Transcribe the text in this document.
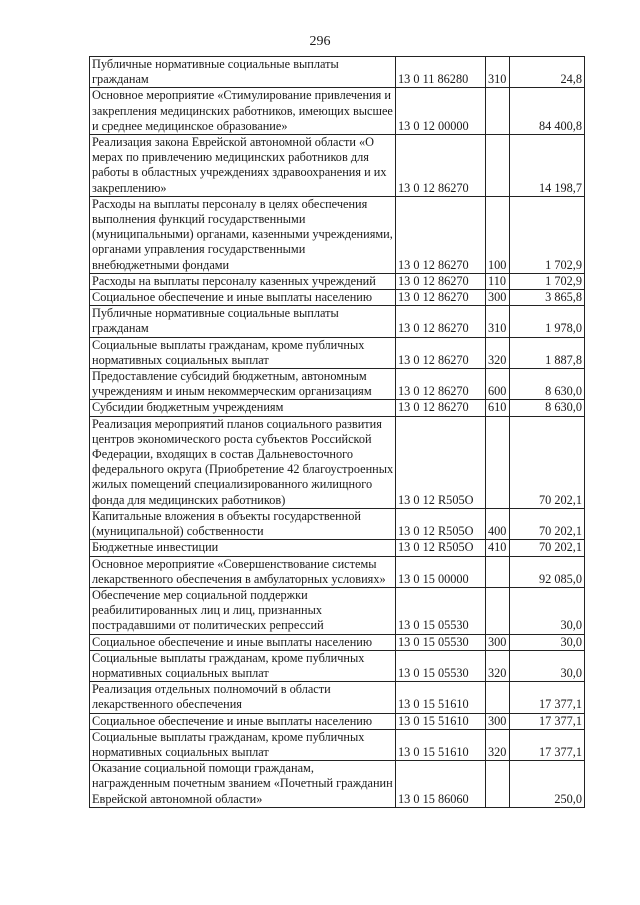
296
Публичные нормативные социальные выплаты гражданам	13 0 11 86280	310	24,8
Основное мероприятие «Стимулирование привлечения и закрепления медицинских работников, имеющих высшее и среднее медицинское образование»	13 0 12 00000		84 400,8
Реализация закона Еврейской автономной области «О мерах по привлечению медицинских работников для работы в областных учреждениях здравоохранения и их закреплению»	13 0 12 86270		14 198,7
Расходы на выплаты персоналу в целях обеспечения выполнения функций государственными (муниципальными) органами, казенными учреждениями, органами управления государственными внебюджетными фондами	13 0 12 86270	100	1 702,9
Расходы на выплаты персоналу казенных учреждений	13 0 12 86270	110	1 702,9
Социальное обеспечение и иные выплаты населению	13 0 12 86270	300	3 865,8
Публичные нормативные социальные выплаты гражданам	13 0 12 86270	310	1 978,0
Социальные выплаты гражданам, кроме публичных нормативных социальных выплат	13 0 12 86270	320	1 887,8
Предоставление субсидий бюджетным, автономным учреждениям и иным некоммерческим организациям	13 0 12 86270	600	8 630,0
Субсидии бюджетным учреждениям	13 0 12 86270	610	8 630,0
Реализация мероприятий планов социального развития центров экономического роста субъектов Российской Федерации, входящих в состав Дальневосточного федерального округа (Приобретение 42 благоустроенных жилых помещений специализированного жилищного фонда для медицинских работников)	13 0 12 R505О		70 202,1
Капитальные вложения в объекты государственной (муниципальной) собственности	13 0 12 R505О	400	70 202,1
Бюджетные инвестиции	13 0 12 R505О	410	70 202,1
Основное мероприятие «Совершенствование системы лекарственного обеспечения в амбулаторных условиях»	13 0 15 00000		92 085,0
Обеспечение мер социальной поддержки реабилитированных лиц и лиц, признанных пострадавшими от политических репрессий	13 0 15 05530		30,0
Социальное обеспечение и иные выплаты населению	13 0 15 05530	300	30,0
Социальные выплаты гражданам, кроме публичных нормативных социальных выплат	13 0 15 05530	320	30,0
Реализация отдельных полномочий в области лекарственного обеспечения	13 0 15 51610		17 377,1
Социальное обеспечение и иные выплаты населению	13 0 15 51610	300	17 377,1
Социальные выплаты гражданам, кроме публичных нормативных социальных выплат	13 0 15 51610	320	17 377,1
Оказание социальной помощи гражданам, награжденным почетным званием «Почетный гражданин Еврейской автономной области»	13 0 15 86060		250,0
